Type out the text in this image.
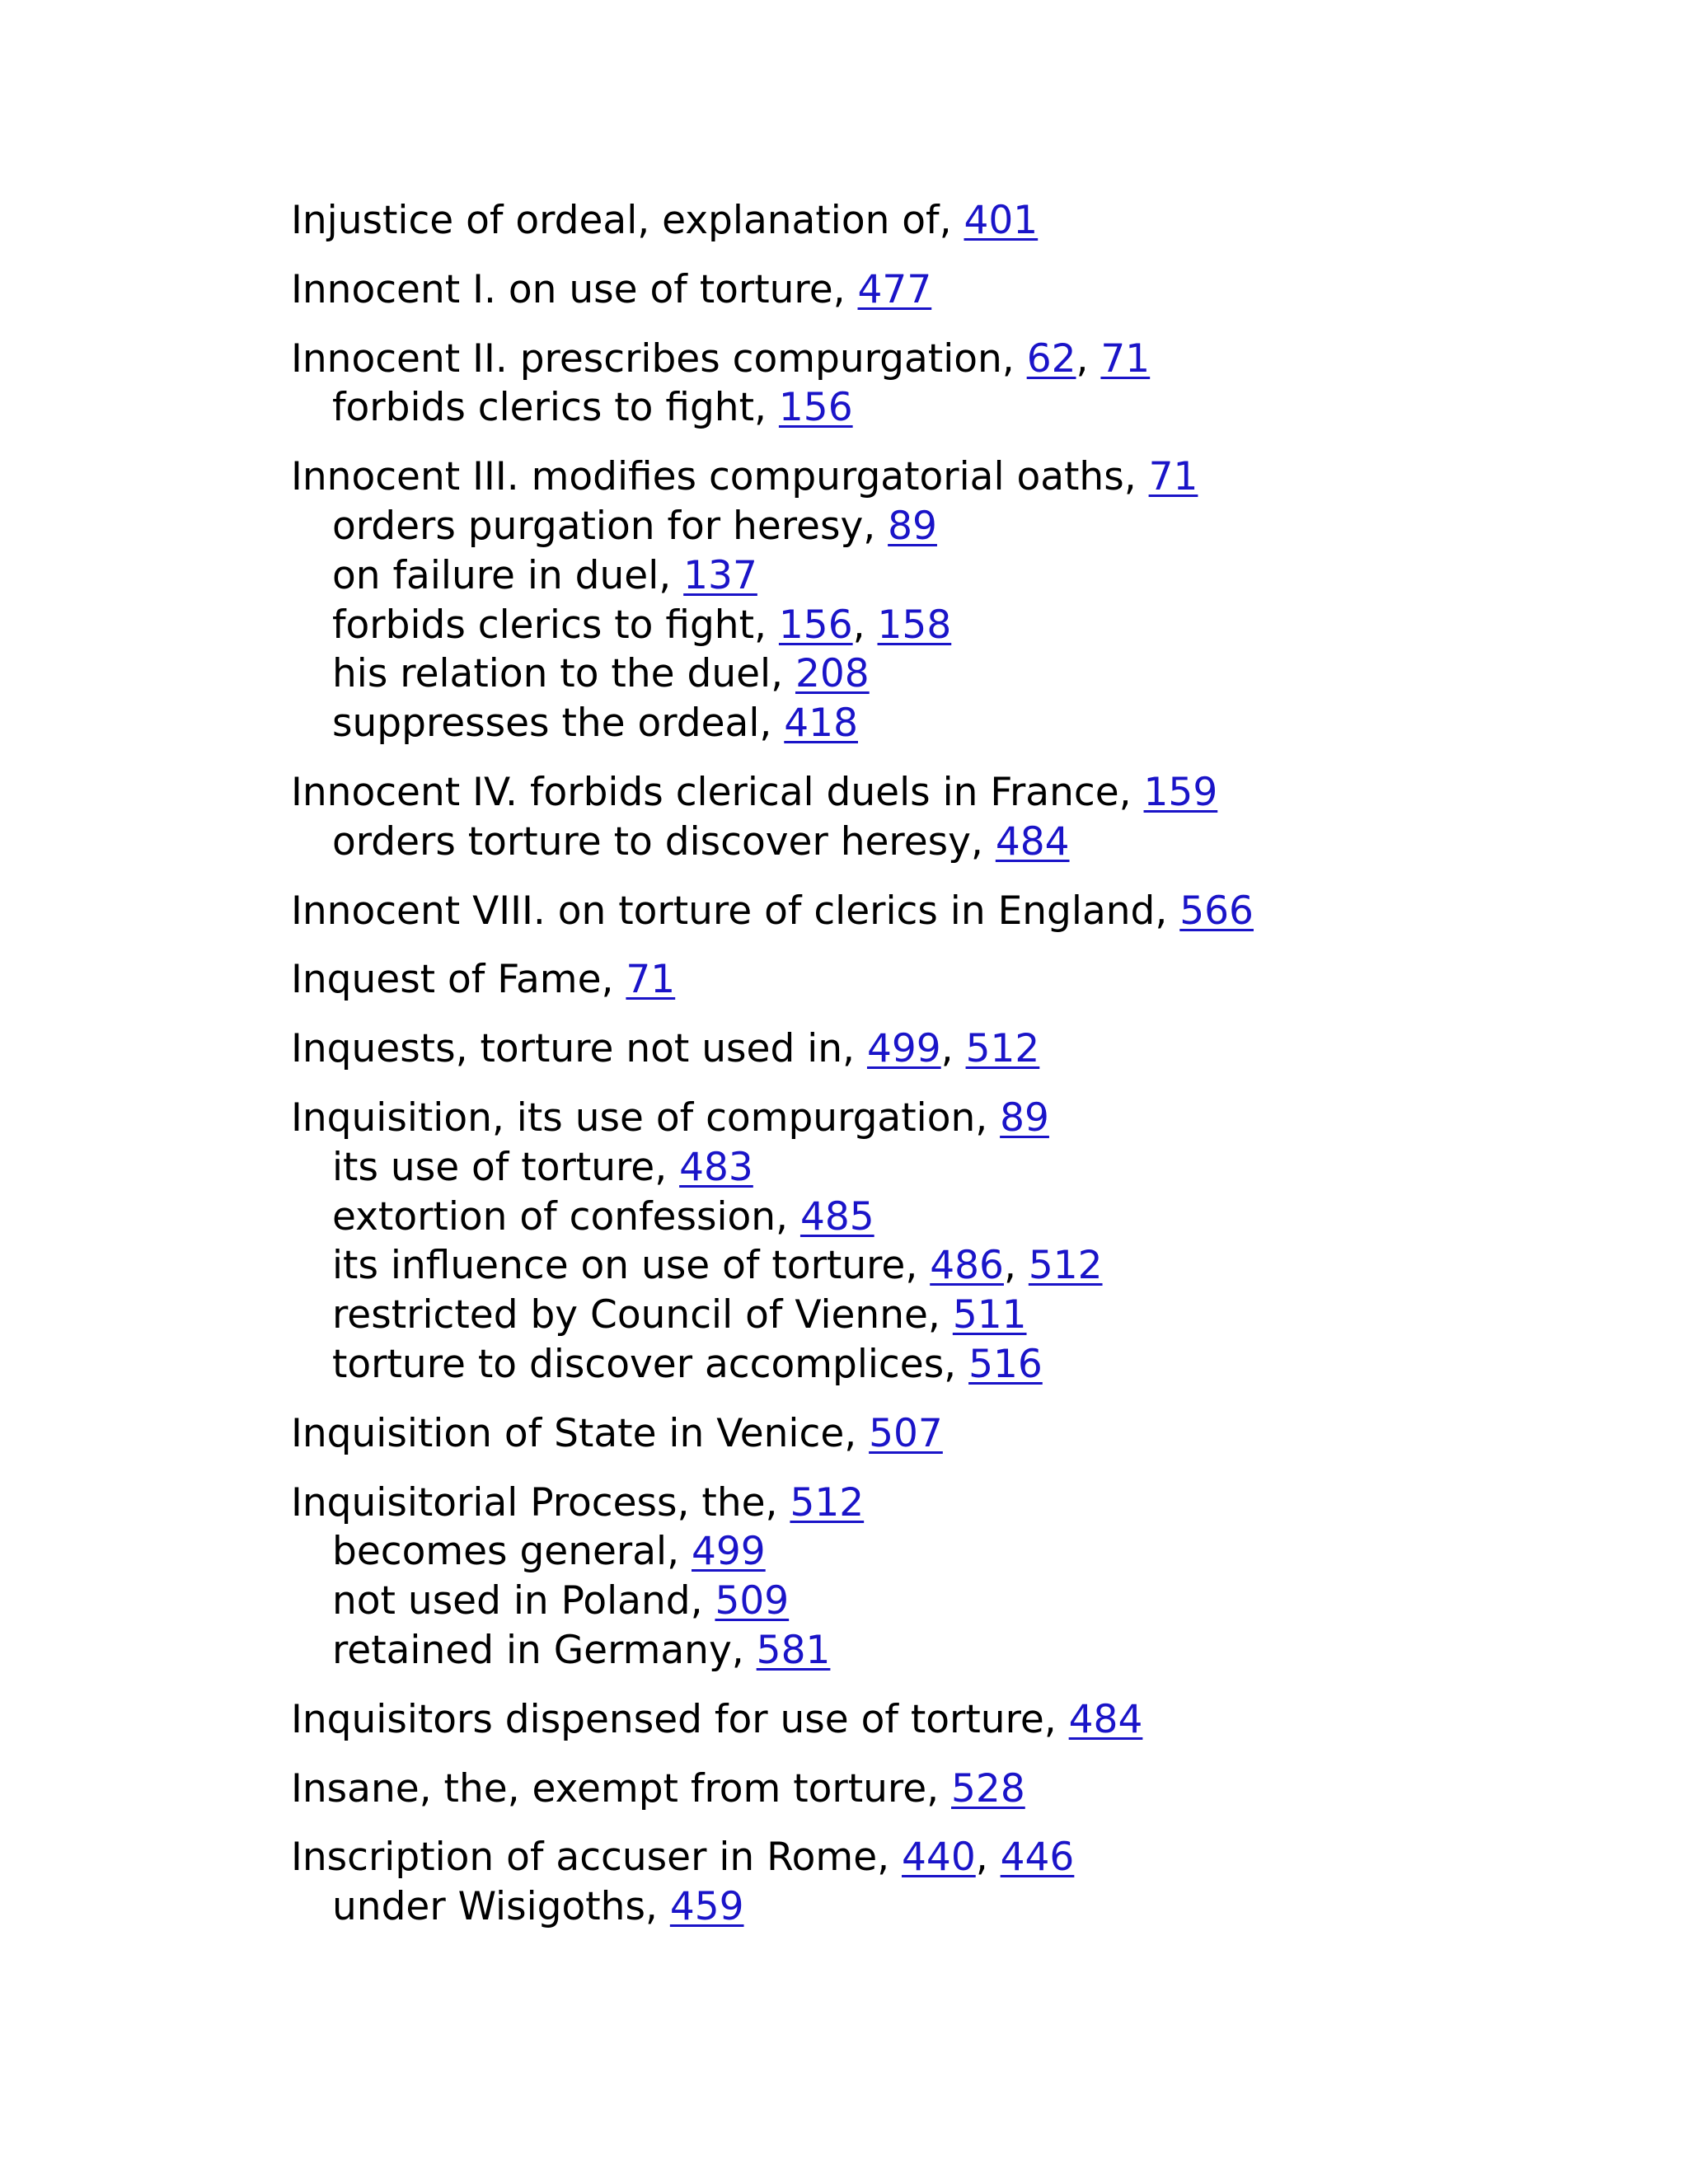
Injustice of ordeal, explanation of, 401
Innocent I. on use of torture, 477
Innocent II. prescribes compurgation, 62, 71
forbids clerics to fight, 156
Innocent III. modifies compurgatorial oaths, 71
orders purgation for heresy, 89
on failure in duel, 137
forbids clerics to fight, 156, 158
his relation to the duel, 208
suppresses the ordeal, 418
Innocent IV. forbids clerical duels in France, 159
orders torture to discover heresy, 484
Innocent VIII. on torture of clerics in England, 566
Inquest of Fame, 71
Inquests, torture not used in, 499, 512
Inquisition, its use of compurgation, 89
its use of torture, 483
extortion of confession, 485
its influence on use of torture, 486, 512
restricted by Council of Vienne, 511
torture to discover accomplices, 516
Inquisition of State in Venice, 507
Inquisitorial Process, the, 512
becomes general, 499
not used in Poland, 509
retained in Germany, 581
Inquisitors dispensed for use of torture, 484
Insane, the, exempt from torture, 528
Inscription of accuser in Rome, 440, 446
under Wisigoths, 459
